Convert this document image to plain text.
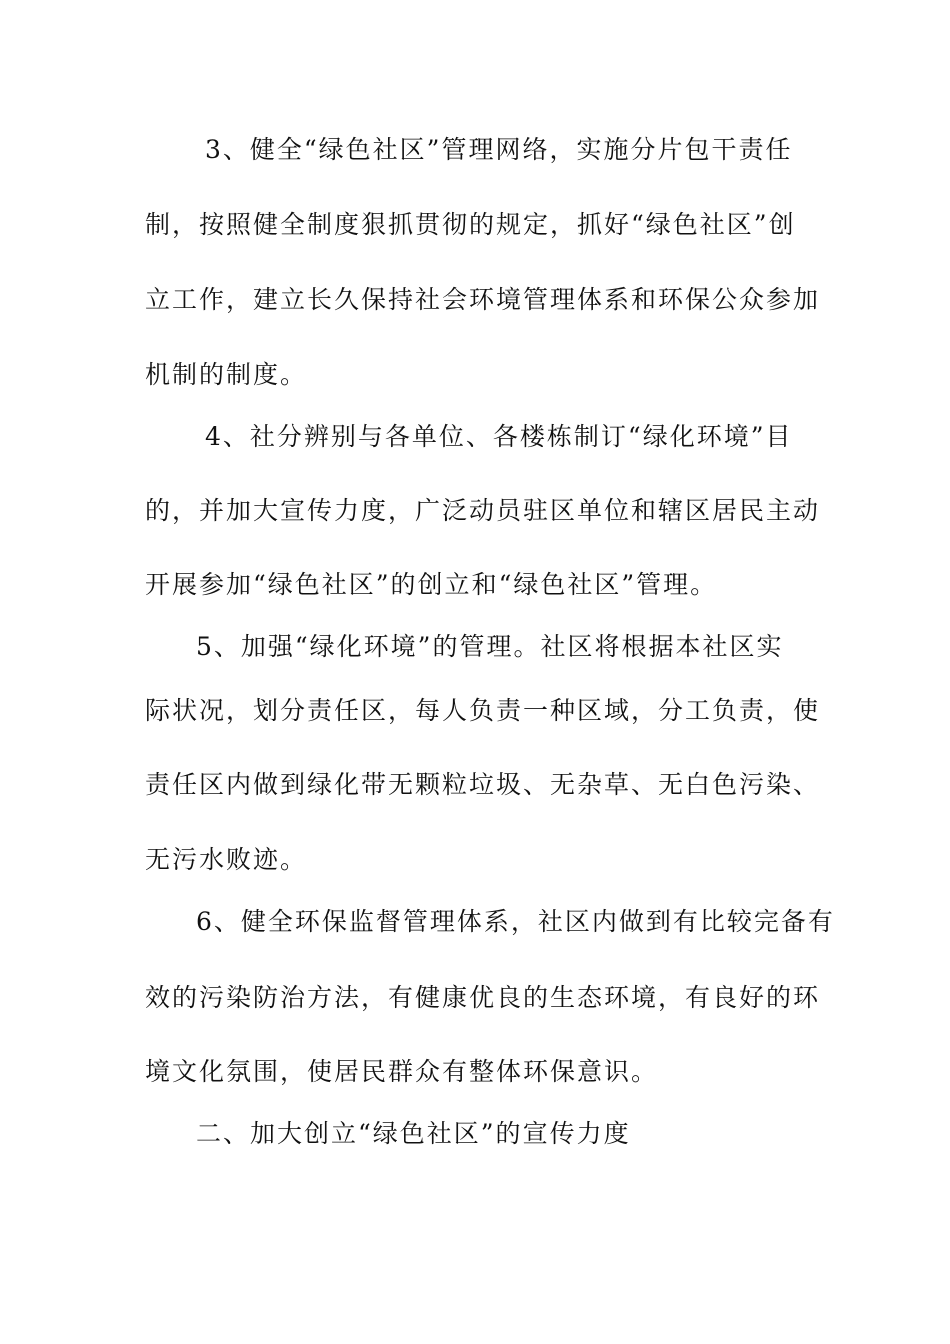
3、健全“绿色社区”管理网络，实施分片包干责任
制，按照健全制度狠抓贯彻的规定，抓好“绿色社区”创
立工作，建立长久保持社会环境管理体系和环保公众参加
机制的制度。
4、社分辨别与各单位、各楼栋制订“绿化环境”目
的，并加大宣传力度，广泛动员驻区单位和辖区居民主动
开展参加“绿色社区”的创立和“绿色社区”管理。
5、加强“绿化环境”的管理。社区将根据本社区实
际状况，划分责任区，每人负责一种区域，分工负责，使
责任区内做到绿化带无颗粒垃圾、无杂草、无白色污染、
无污水败迹。
6、健全环保监督管理体系，社区内做到有比较完备有
效的污染防治方法，有健康优良的生态环境，有良好的环
境文化氛围，使居民群众有整体环保意识。
二、加大创立“绿色社区”的宣传力度
